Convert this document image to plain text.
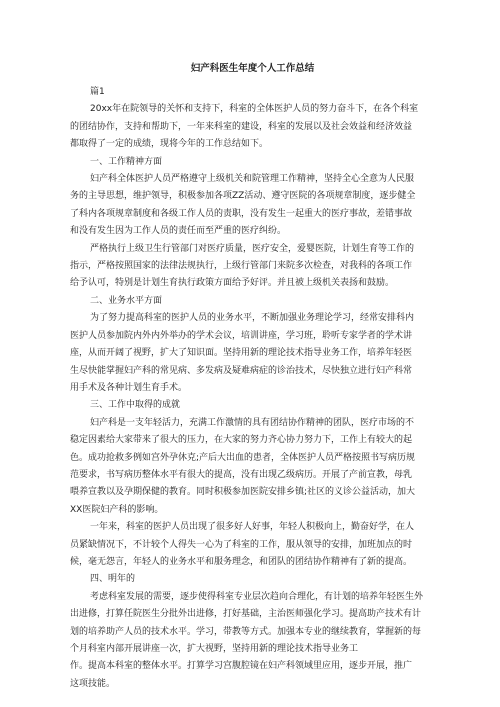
妇产科医生年度个人工作总结

篇1

20xx年在院领导的关怀和支持下，科室的全体医护人员的努力奋斗下，在各个科室

的团结协作，支持和帮助下，一年来科室的建设，科室的发展以及社会效益和经济效益

都取得了一定的成绩，现将今年的工作总结如下。

一、工作精神方面

妇产科全体医护人员严格遵守上级机关和院管理工作精神，坚持全心全意为人民服

务的主导思想，维护领导，积极参加各项ZZ活动、遵守医院的各项规章制度，逐步健全

了科内各项规章制度和各级工作人员的责职，没有发生一起重大的医疗事故，差错事故

和没有发生因为工作人员的责任而至严重的医疗纠纷。

严格执行上级卫生行管部门对医疗质量，医疗安全，爱婴医院，计划生育等工作的

指示，严格按照国家的法律法规执行，上级行管部门来院多次检查，对我科的各项工作

给予认可，特别是计划生育执行政策方面给予好评。并且被上级机关表扬和鼓励。

二、业务水平方面

为了努力提高科室的医护人员的业务水平，不断加强业务理论学习，经常安排科内

医护人员参加院内外内外举办的学术会议，培训讲座，学习班，聆听专家学者的学术讲

座，从而开阔了视野，扩大了知识面。坚持用新的理论技术指导业务工作，培养年轻医

生尽快能掌握妇产科的常见病、多发病及疑难病症的诊治技术，尽快独立进行妇产科常

用手术及各种计划生育手术。

三、工作中取得的成就

妇产科是一支年轻活力，充满工作激情的具有团结协作精神的团队，医疗市场的不

稳定因素给大家带来了很大的压力，在大家的努力齐心协力努力下，工作上有较大的起

色。成功抢救多例如宫外孕休克;产后大出血的患者，全体医护人员严格按照书写病历规

范要求，书写病历整体水平有很大的提高，没有出现乙级病历。开展了产前宣教，母乳

喂养宣教以及孕期保健的教育。同时积极参加医院安排乡镇;社区的义诊公益活动，加大

XX医院妇产科的影响。

一年来，科室的医护人员出现了很多好人好事，年轻人积极向上，勤奋好学，在人

员紧缺情况下，不计较个人得失一心为了科室的工作，服从领导的安排，加班加点的时

候，毫无怨言，年轻人的业务水平和服务理念，和团队的团结协作精神有了新的提高。

四、明年的

考虑科室发展的需要，逐步使得科室专业层次趋向合理化，有计划的培养年轻医生外

出进修，打算任院医生分批外出进修，打好基础，主治医师强化学习。提高助产技术有计

划的培养助产人员的技术水平。学习，带教等方式。加强本专业的继续教育，掌握新的每

个月科室内部开展讲座一次，扩大视野，坚持用新的理论技术指导业务工

作。提高本科室的整体水平。打算学习宫腹腔镜在妇产科领域里应用，逐步开展，推广

这项技能。
